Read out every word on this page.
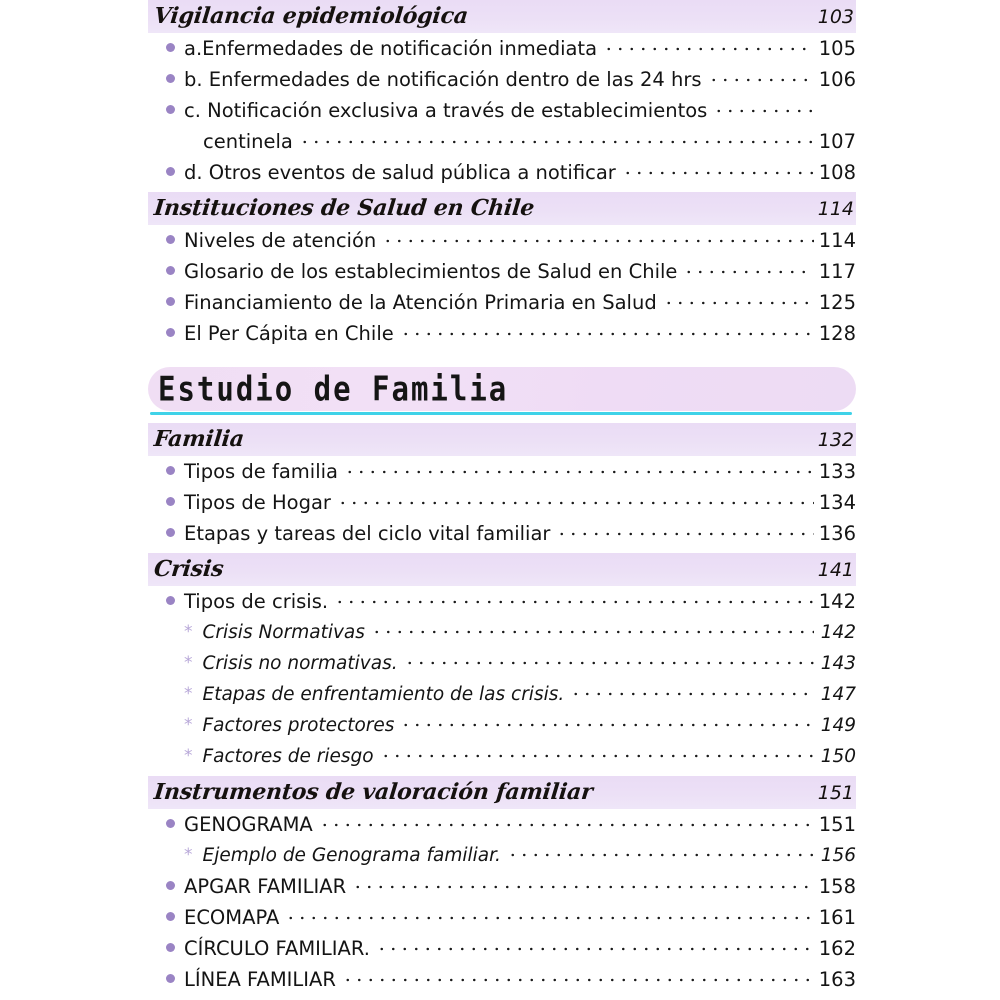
Vigilancia epidemiológica	103
a.Enfermedades de notificación inmediata	105
b. Enfermedades de notificación dentro de las 24 hrs	106
c. Notificación exclusiva a través de establecimientos
centinela	107
d. Otros eventos de salud pública a notificar	108
Instituciones de Salud en Chile	114
Niveles de atención	114
Glosario de los establecimientos de Salud en Chile	117
Financiamiento de la Atención Primaria en Salud	125
El Per Cápita en Chile	128
Estudio de Familia
Familia	132
Tipos de familia	133
Tipos de Hogar	134
Etapas y tareas del ciclo vital familiar	136
Crisis	141
Tipos de crisis.	142
* Crisis Normativas	142
* Crisis no normativas.	143
* Etapas de enfrentamiento de las crisis.	147
* Factores protectores	149
* Factores de riesgo	150
Instrumentos de valoración familiar	151
GENOGRAMA	151
* Ejemplo de Genograma familiar.	156
APGAR FAMILIAR	158
ECOMAPA	161
CÍRCULO FAMILIAR.	162
LÍNEA FAMILIAR	163
